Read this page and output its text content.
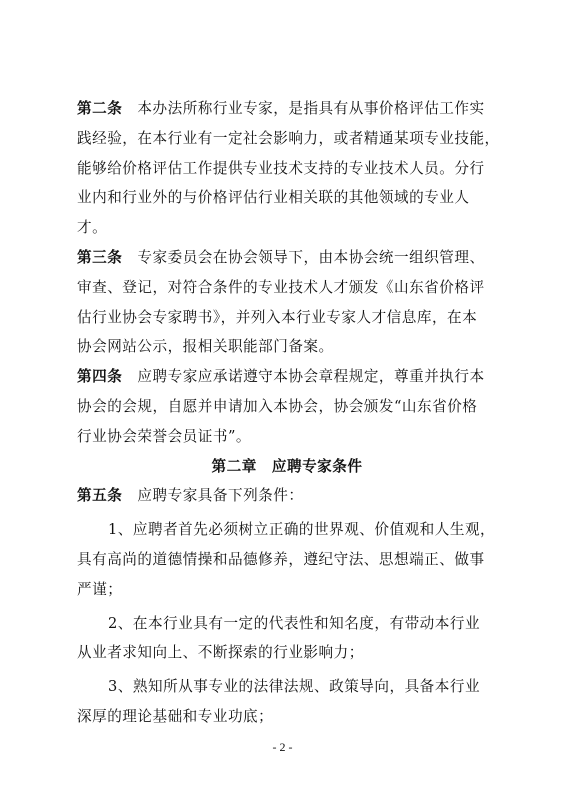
第二条　 本办法所称行业专家，是指具有从事价格评估工作实
践经验，在本行业有一定社会影响力，或者精通某项专业技能，
能够给价格评估工作提供专业技术支持的专业技术人员。分行
业内和行业外的与价格评估行业相关联的其他领域的专业人
才。
第三条　 专家委员会在协会领导下，由本协会统一组织管理、
审查、登记，对符合条件的专业技术人才颁发《山东省价格评
估行业协会专家聘书》，并列入本行业专家人才信息库，在本
协会网站公示，报相关职能部门备案。
第四条　 应聘专家应承诺遵守本协会章程规定，尊重并执行本
协会的会规，自愿并申请加入本协会，协会颁发“山东省价格
行业协会荣誉会员证书”。
第二章　应聘专家条件
第五条　 应聘专家具备下列条件：
1、应聘者首先必须树立正确的世界观、价值观和人生观，
具有高尚的道德情操和品德修养，遵纪守法、思想端正、做事
严谨；
2、在本行业具有一定的代表性和知名度，有带动本行业
从业者求知向上、不断探索的行业影响力；
3、熟知所从事专业的法律法规、政策导向，具备本行业
深厚的理论基础和专业功底；
- 2 -
